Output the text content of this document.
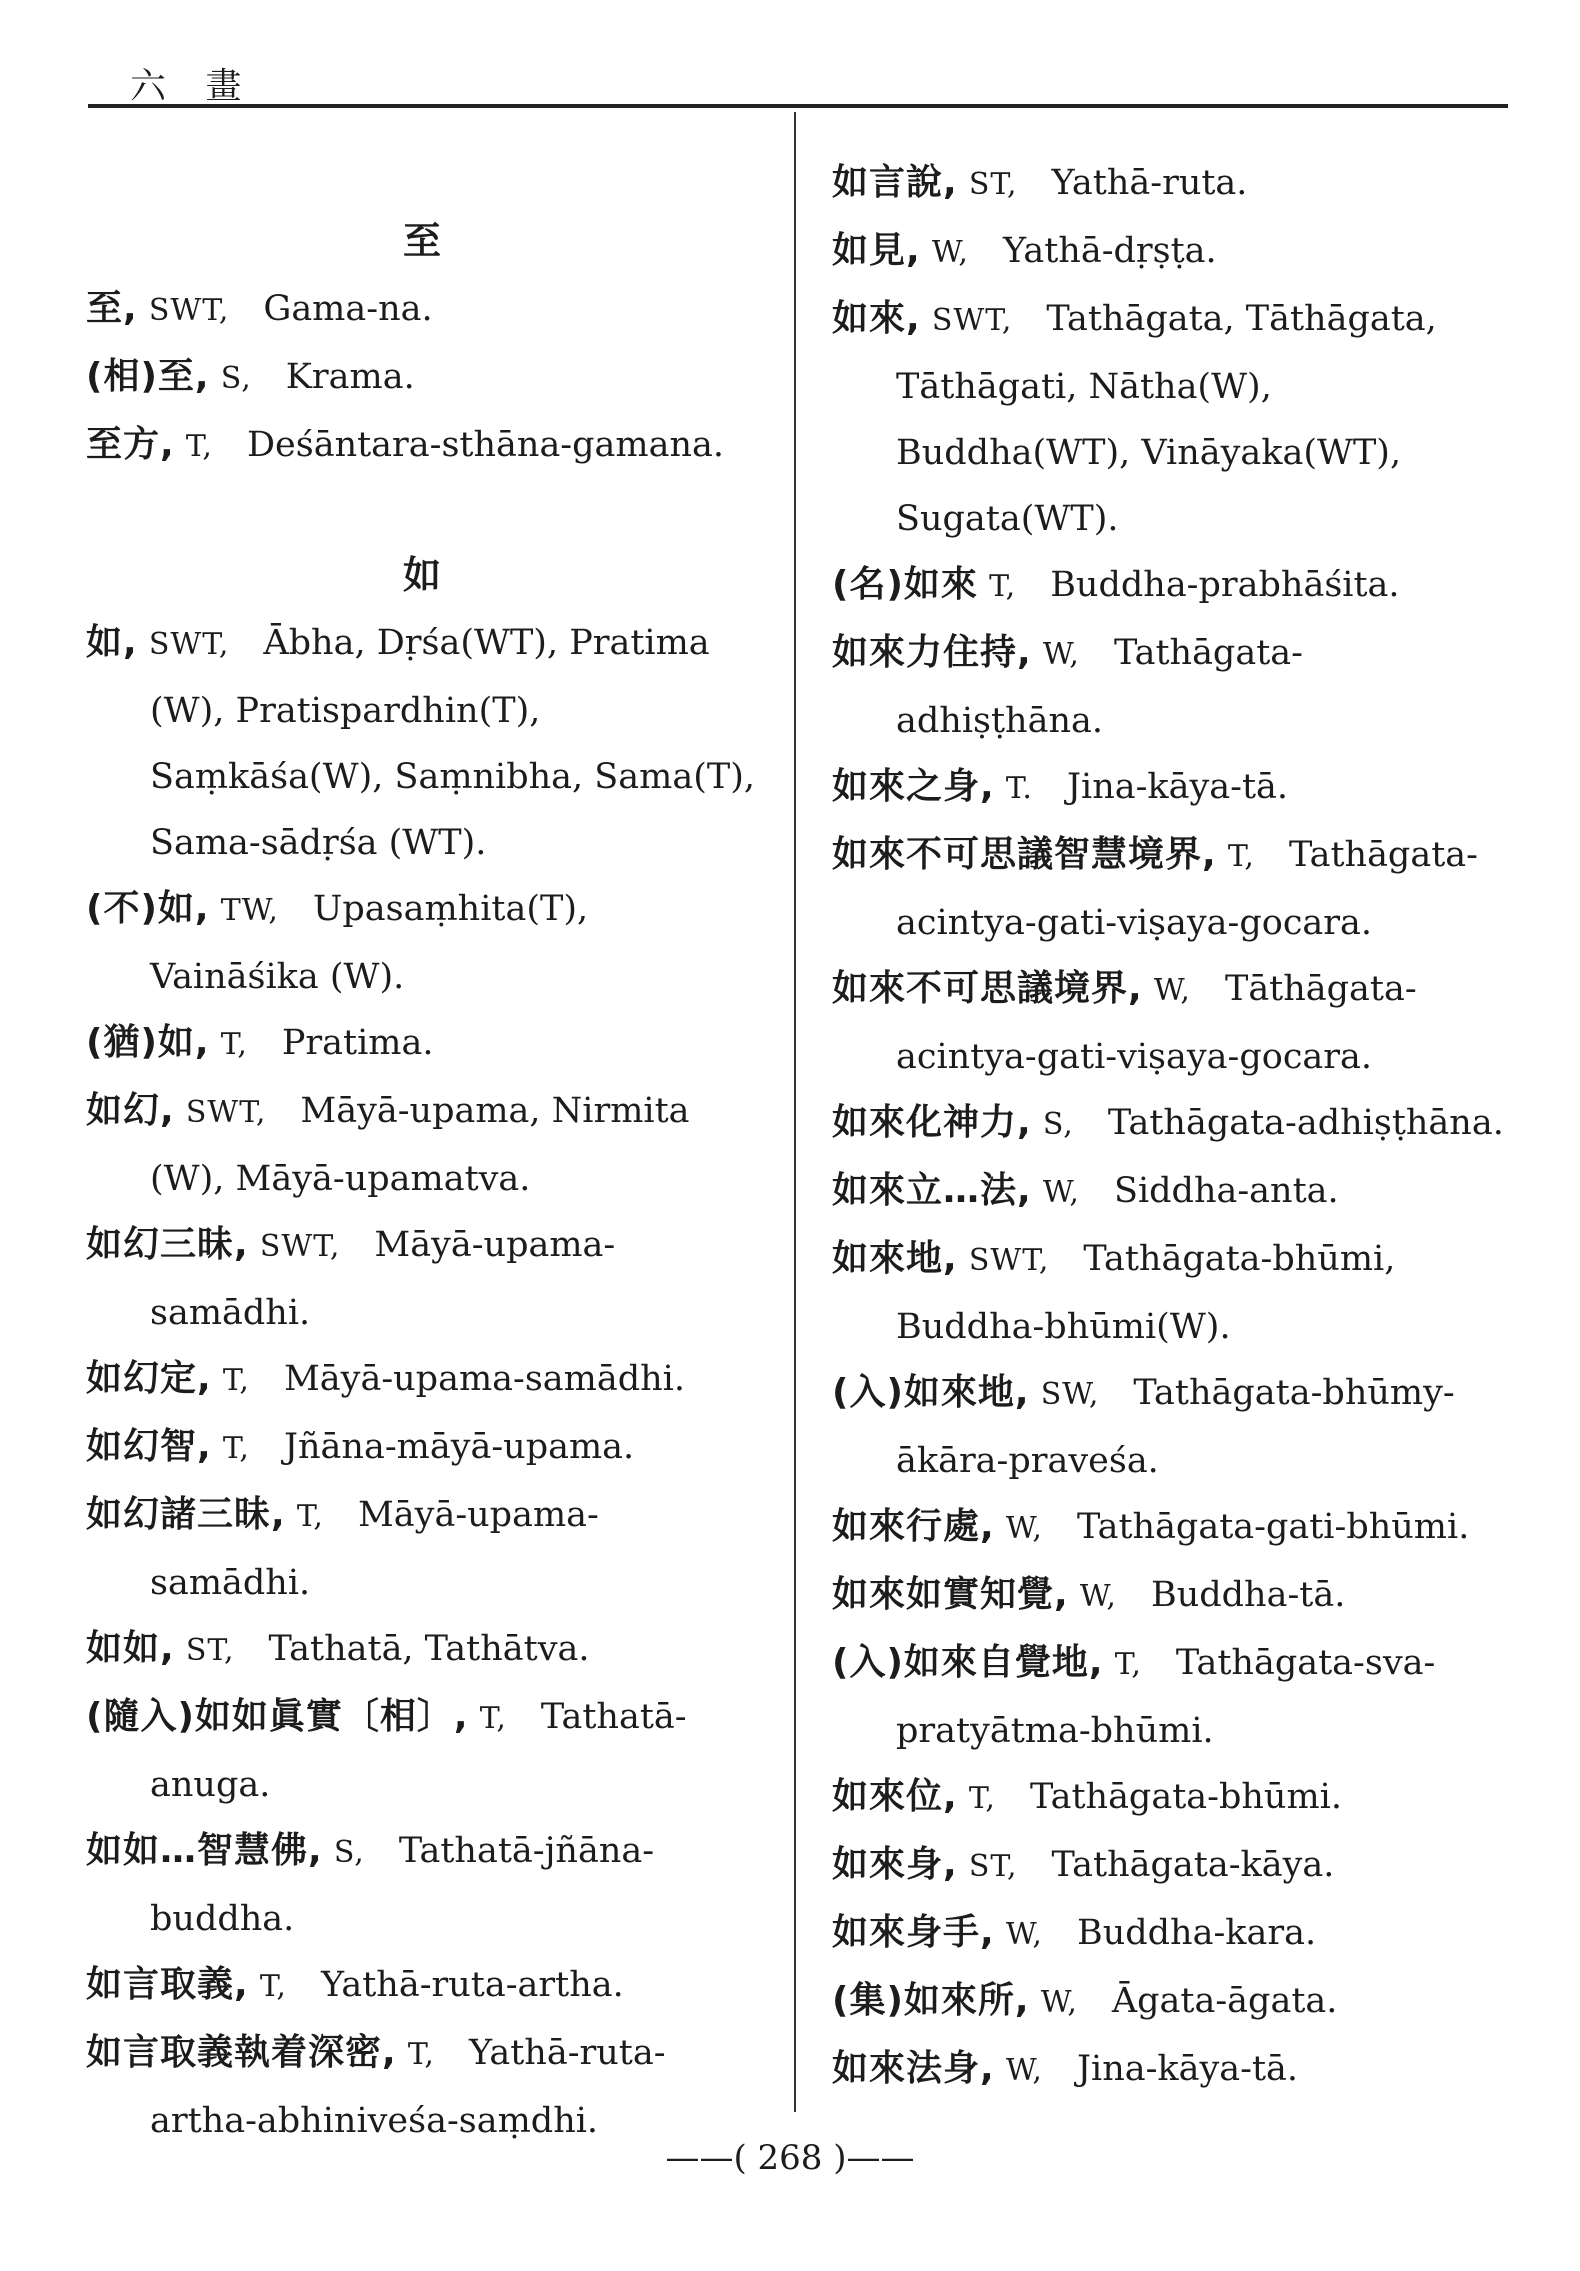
六 畫

至

至, SWT, Gama-na.

(相)至, S, Krama.

至方, T, Deśāntara-sthāna-gamana.

如

如, SWT, Ābha, Dṛśa(WT), Pratima (W), Pratispardhin(T), Saṃkāśa(W), Saṃnibha, Sama(T), Sama-sādṛśa (WT).

(不)如, TW, Upasaṃhita(T), Vaināśika (W).

(猶)如, T, Pratima.

如幻, SWT, Māyā-upama, Nirmita (W), Māyā-upamatva.

如幻三昧, SWT, Māyā-upama-samādhi.

如幻定, T, Māyā-upama-samādhi.

如幻智, T, Jñāna-māyā-upama.

如幻諸三昧, T, Māyā-upama-samādhi.

如如, ST, Tathatā, Tathātva.

(隨入)如如眞實〔相〕, T, Tathatā-anuga.

如如…智慧佛, S, Tathatā-jñāna-buddha.

如言取義, T, Yathā-ruta-artha.

如言取義執着深密, T, Yathā-ruta-artha-abhiniveśa-saṃdhi.

如言說, ST, Yathā-ruta.

如見, W, Yathā-dṛṣṭa.

如來, SWT, Tathāgata, Tāthāgata, Tāthāgati, Nātha(W), Buddha(WT), Vināyaka(WT), Sugata(WT).

(名)如來 T, Buddha-prabhāśita.

如來力住持, W, Tathāgata-adhiṣṭhāna.

如來之身, T. Jina-kāya-tā.

如來不可思議智慧境界, T, Tathāgata-acintya-gati-viṣaya-gocara.

如來不可思議境界, W, Tāthāgata-acintya-gati-viṣaya-gocara.

如來化神力, S, Tathāgata-adhiṣṭhāna.

如來立…法, W, Siddha-anta.

如來地, SWT, Tathāgata-bhūmi, Buddha-bhūmi(W).

(入)如來地, SW, Tathāgata-bhūmy-ākāra-praveśa.

如來行處, W, Tathāgata-gati-bhūmi.

如來如實知覺, W, Buddha-tā.

(入)如來自覺地, T, Tathāgata-sva-pratyātma-bhūmi.

如來位, T, Tathāgata-bhūmi.

如來身, ST, Tathāgata-kāya.

如來身手, W, Buddha-kara.

(集)如來所, W, Āgata-āgata.

如來法身, W, Jina-kāya-tā.

——( 268 )——
